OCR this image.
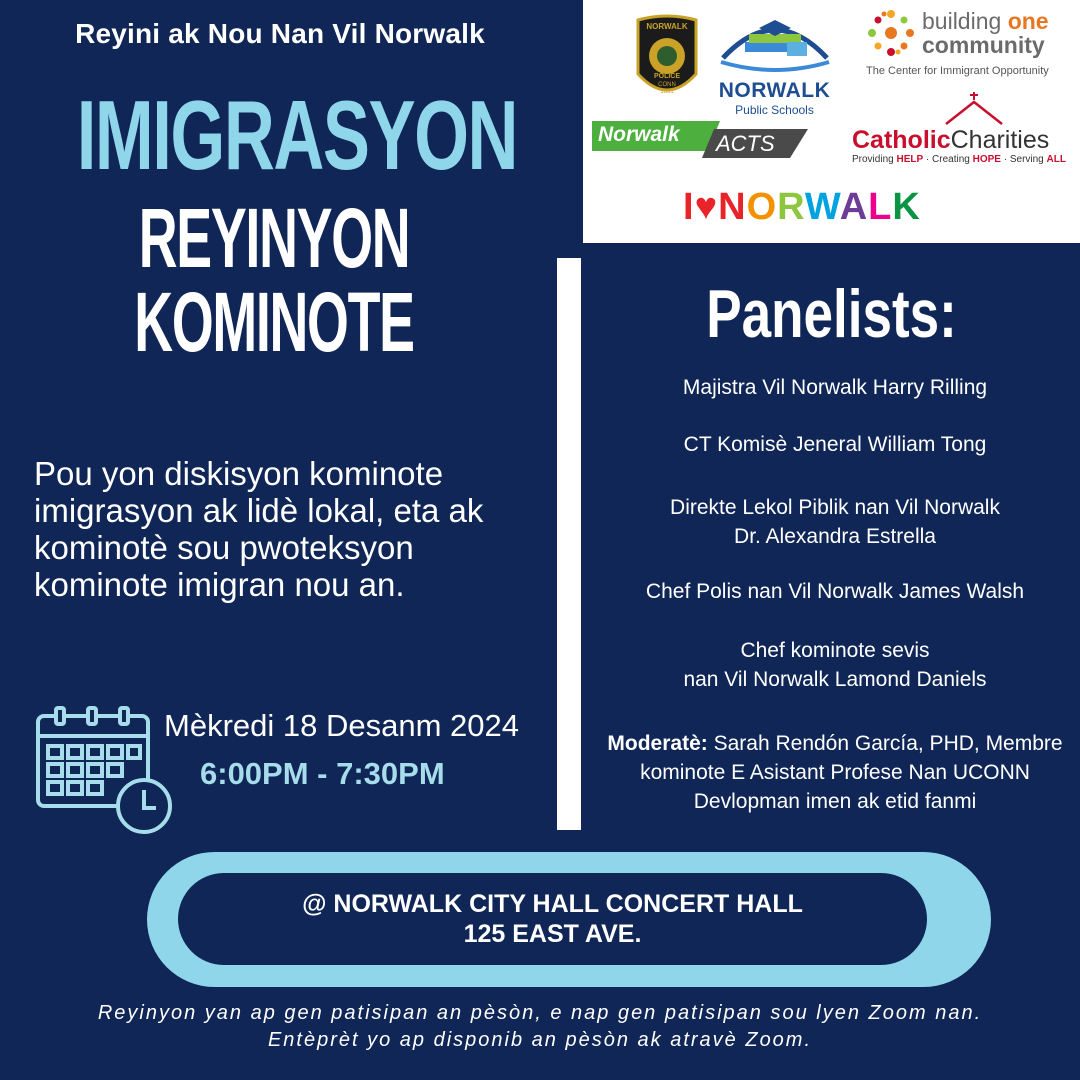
Reyini ak Nou Nan Vil Norwalk
IMIGRASYON
REYINYON
KOMINOTE
Pou yon diskisyon kominote imigrasyon ak lidè lokal, eta ak kominotè sou pwoteksyon kominote imigran nou an.
Mèkredi 18 Desanm 2024
6:00PM - 7:30PM
NORWALK
POLICE
CONN
1651	NORWALK
Public Schools
building one
community
The Center for Immigrant Opportunity
Norwalk ACTS	CatholicCharities
Providing HELP · Creating HOPE · Serving ALL
I♥NORWALK
Panelists:
Majistra Vil Norwalk Harry Rilling
CT Komisè Jeneral William Tong
Direkte Lekol Piblik nan Vil Norwalk
Dr. Alexandra Estrella
Chef Polis nan Vil Norwalk James Walsh
Chef kominote sevis
nan Vil Norwalk Lamond Daniels
Moderatè: Sarah Rendón García, PHD, Membre kominote E Asistant Profese Nan UCONN Devlopman imen ak etid fanmi
@ NORWALK CITY HALL CONCERT HALL
125 EAST AVE.
Reyinyon yan ap gen patisipan an pèsòn, e nap gen patisipan sou lyen Zoom nan.
Entèprèt yo ap disponib an pèsòn ak atravè Zoom.
